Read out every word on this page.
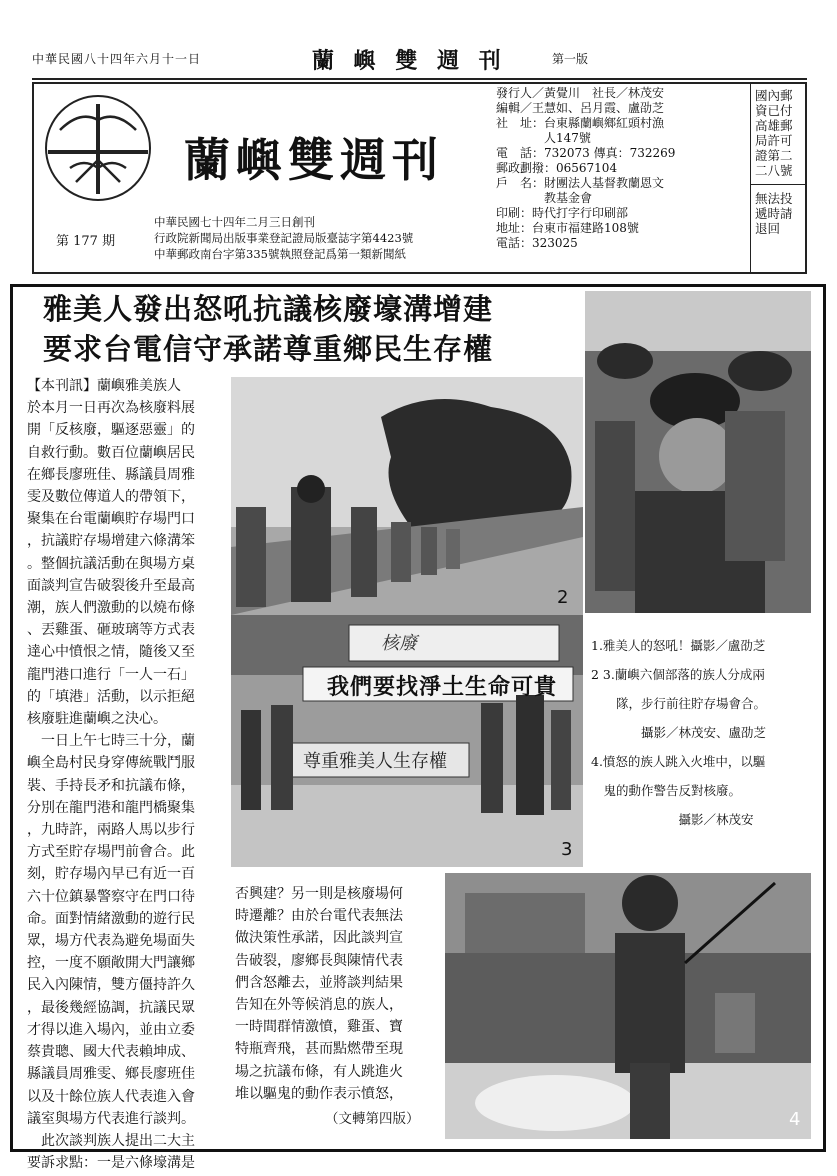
中華民國八十四年六月十一日	蘭 嶼 雙 週 刊	第一版
蘭嶼雙週刊
第 177 期
中華民國七十四年二月三日創刊
行政院新聞局出版事業登記證局版臺誌字第4423號
中華郵政南台字第335號執照登記爲第一類新聞紙
發行人／黃覺川　社長／林茂安
編輯／王慧如、呂月霞、盧劭芝
社　址：台東縣蘭嶼鄉紅頭村漁
　　　　人147號
電　話：732073 傳真：732269
郵政劃撥：06567104
戶　名：財團法人基督教蘭恩文
　　　　教基金會
印刷：時代打字行印刷部
地址：台東市福建路108號
電話：323025
國內郵資已付高雄郵局許可證第二二八號
無法投遞時請退回
雅美人發出怒吼抗議核廢壕溝增建
要求台電信守承諾尊重鄉民生存權
【本刊訊】蘭嶼雅美族人
於本月一日再次為核廢料展
開「反核廢，驅逐惡靈」的
自救行動。數百位蘭嶼居民
在鄉長廖班佳、縣議員周雅
雯及數位傳道人的帶領下，
聚集在台電蘭嶼貯存場門口
，抗議貯存場增建六條溝笨
。整個抗議活動在與場方桌
面談判宣告破裂後升至最高
潮，族人們激動的以燒布條
、丟雞蛋、砸玻璃等方式表
達心中憤恨之情，隨後又至
龍門港口進行「一人一石」
的「填港」活動，以示拒絕
核廢駐進蘭嶼之決心。
　一日上午七時三十分，蘭
嶼全島村民身穿傳統戰鬥服
裝、手持長矛和抗議布條，
分別在龍門港和龍門橋聚集
，九時許，兩路人馬以步行
方式至貯存場門前會合。此
刻，貯存場內早已有近一百
六十位鎮暴警察守在門口待
命。面對情緒激動的遊行民
眾，場方代表為避免場面失
控，一度不願敞開大門讓鄉
民入內陳情，雙方僵持許久
，最後幾經協調，抗議民眾
才得以進入場內，並由立委
蔡貴聰、國大代表賴坤成、
縣議員周雅雯、鄉長廖班佳
以及十餘位族人代表進入會
議室與場方代表進行談判。
　此次談判族人提出二大主
要訴求點：一是六條壕溝是
2
核廢
我們要找淨土生命可貴
尊重雅美人生存權
3
1.雅美人的怒吼！攝影／盧劭芝
2 3.蘭嶼六個部落的族人分成兩
　　隊，步行前往貯存場會合。
　　　　攝影／林茂安、盧劭芝
4.憤怒的族人跳入火堆中，以驅
　鬼的動作警告反對核廢。
　　　　　　　攝影／林茂安
否興建？另一則是核廢場何
時遷離？由於台電代表無法
做決策性承諾，因此談判宣
告破裂，廖鄉長與陳情代表
們含怒離去，並將談判結果
告知在外等候消息的族人，
一時間群情激憤，雞蛋、寶
特瓶齊飛，甚而點燃帶至現
場之抗議布條，有人跳進火
堆以驅鬼的動作表示憤怒，
（文轉第四版）	4
